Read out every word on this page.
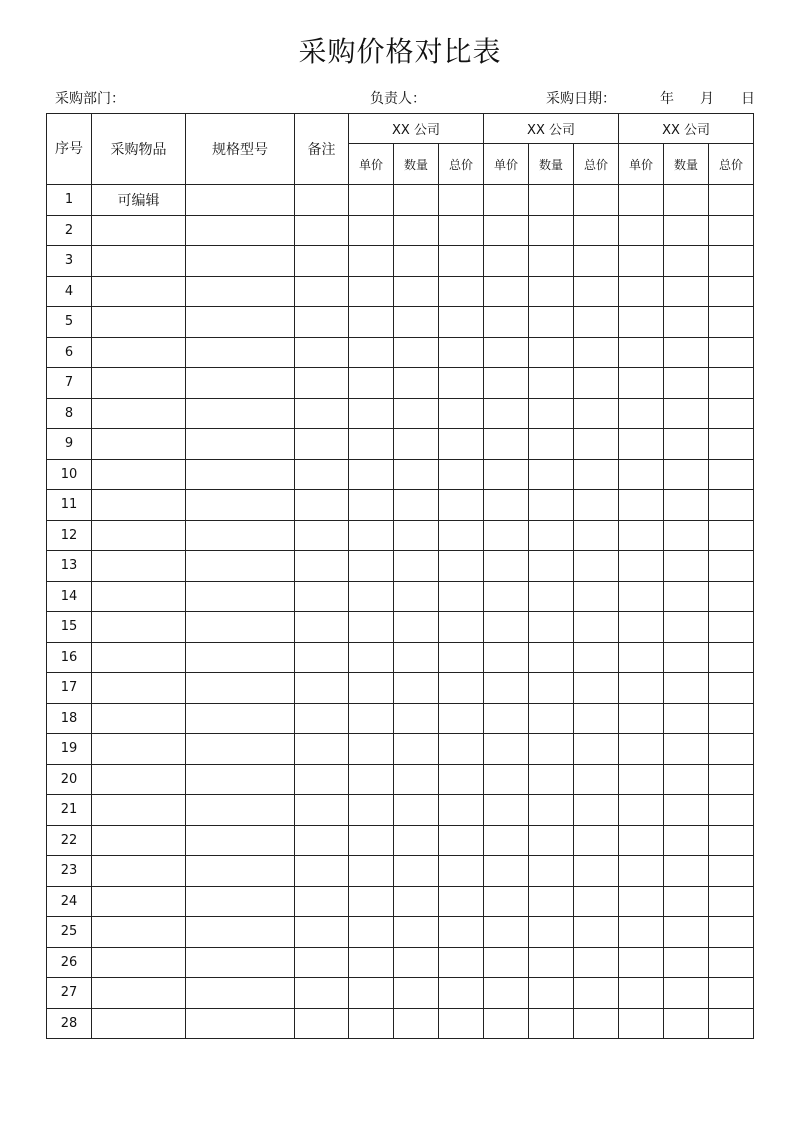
采购价格对比表
采购部门：	负责人：	采购日期：	年 月 日
序号	采购物品	规格型号	备注	XX 公司			XX 公司			XX 公司		
				单价	数量	总价	单价	数量	总价	单价	数量	总价
1	可编辑											
2												
3												
4												
5												
6												
7												
8												
9												
10												
11												
12												
13												
14												
15												
16												
17												
18												
19												
20												
21												
22												
23												
24												
25												
26												
27												
28												
